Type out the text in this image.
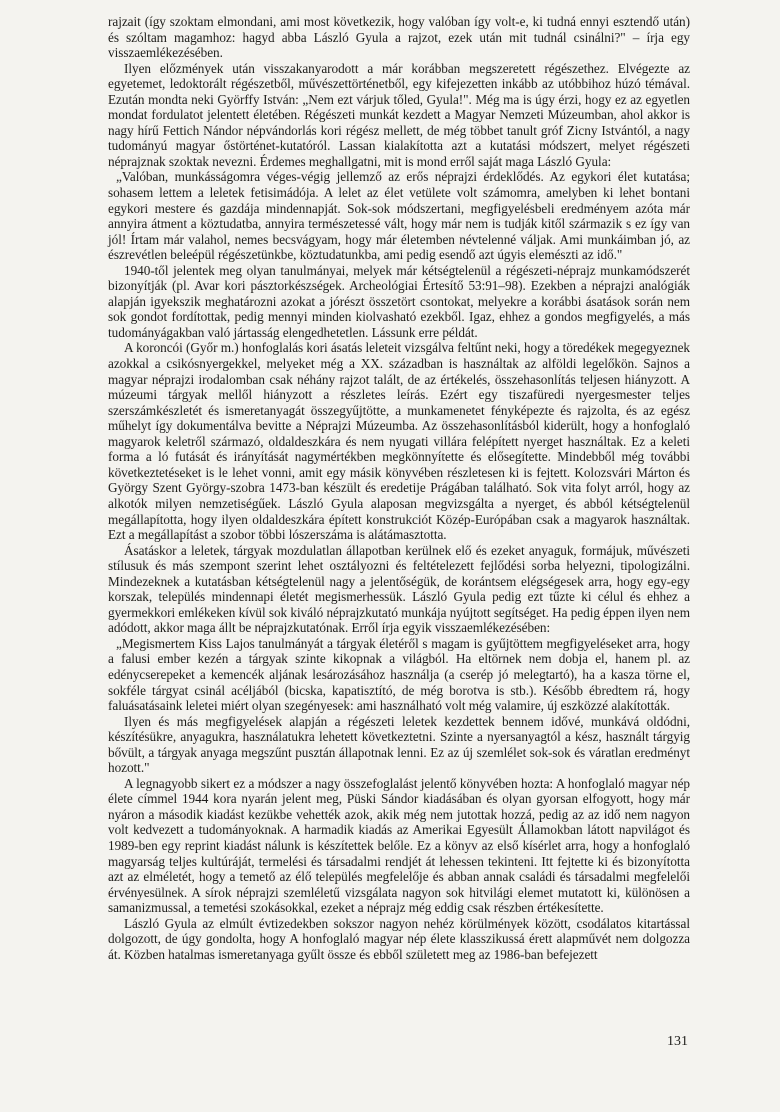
rajzait (így szoktam elmondani, ami most következik, hogy valóban így volt-e, ki tudná ennyi esztendő után) és szóltam magamhoz: hagyd abba László Gyula a rajzot, ezek után mit tudnál csinálni?" – írja egy visszaemlékezésében.

Ilyen előzmények után visszakanyarodott a már korábban megszeretett régészethez. Elvégezte az egyetemet, ledoktorált régészetből, művészettörténetből, egy kifejezetten inkább az utóbbihoz húzó témával. Ezután mondta neki Györffy István: „Nem ezt várjuk tőled, Gyula!". Még ma is úgy érzi, hogy ez az egyetlen mondat fordulatot jelentett életében. Régészeti munkát kezdett a Magyar Nemzeti Múzeumban, ahol akkor is nagy hírű Fettich Nándor népvándorlás kori régész mellett, de még többet tanult gróf Zicny Istvántól, a nagy tudományú magyar őstörténet-kutatóról. Lassan kialakította azt a kutatási módszert, melyet régészeti néprajznak szoktak nevezni. Érdemes meghallgatni, mit is mond erről saját maga László Gyula:

„Valóban, munkásságomra véges-végig jellemző az erős néprajzi érdeklődés. Az egykori élet kutatása; sohasem lettem a leletek fetisimádója. A lelet az élet vetülete volt számomra, amelyben ki lehet bontani egykori mestere és gazdája mindennapját. Sok-sok módszertani, megfigyelésbeli eredményem azóta már annyira átment a köztudatba, annyira természetessé vált, hogy már nem is tudják kitől származik s ez így van jól! Írtam már valahol, nemes becsvágyam, hogy már életemben névtelenné váljak. Ami munkáimban jó, az észrevétlen beleépül régészetünkbe, köztudatunkba, ami pedig esendő azt úgyis elemészti az idő."

1940-től jelentek meg olyan tanulmányai, melyek már kétségtelenül a régészeti-néprajz munkamódszerét bizonyítják (pl. Avar kori pásztorkészségek. Archeológiai Értesítő 53:91–98). Ezekben a néprajzi analógiák alapján igyekszik meghatározni azokat a jórészt összetört csontokat, melyekre a korábbi ásatások során nem sok gondot fordítottak, pedig mennyi minden kiolvasható ezekből. Igaz, ehhez a gondos megfigyelés, a más tudományágakban való jártasság elengedhetetlen. Lássunk erre példát.

A koroncói (Győr m.) honfoglalás kori ásatás leleteit vizsgálva feltűnt neki, hogy a töredékek megegyeznek azokkal a csikósnyergekkel, melyeket még a XX. században is használtak az alföldi legelőkön. Sajnos a magyar néprajzi irodalomban csak néhány rajzot talált, de az értékelés, összehasonlítás teljesen hiányzott. A múzeumi tárgyak mellől hiányzott a részletes leírás. Ezért egy tiszafüredi nyergesmester teljes szerszámkészletét és ismeretanyagát összegyűjtötte, a munkamenetet fényképezte és rajzolta, és az egész műhelyt így dokumentálva bevitte a Néprajzi Múzeumba. Az összehasonlításból kiderült, hogy a honfoglaló magyarok keletről származó, oldaldeszkára és nem nyugati villára felépített nyerget használtak. Ez a keleti forma a ló futását és irányítását nagymértékben megkönnyítette és elősegítette. Mindebből még további következtetéseket is le lehet vonni, amit egy másik könyvében részletesen ki is fejtett. Kolozsvári Márton és György Szent György-szobra 1473-ban készült és eredetije Prágában található. Sok vita folyt arról, hogy az alkotók milyen nemzetiségűek. László Gyula alaposan megvizsgálta a nyerget, és abból kétségtelenül megállapította, hogy ilyen oldaldeszkára épített konstrukciót Közép-Európában csak a magyarok használtak. Ezt a megállapítást a szobor többi lószerszáma is alátámasztotta.

Ásatáskor a leletek, tárgyak mozdulatlan állapotban kerülnek elő és ezeket anyaguk, formájuk, művészeti stílusuk és más szempont szerint lehet osztályozni és feltételezett fejlődési sorba helyezni, tipologizálni. Mindezeknek a kutatásban kétségtelenül nagy a jelentőségük, de korántsem elégségesek arra, hogy egy-egy korszak, település mindennapi életét megismerhessük. László Gyula pedig ezt tűzte ki célul és ehhez a gyermekkori emlékeken kívül sok kiváló néprajzkutató munkája nyújtott segítséget. Ha pedig éppen ilyen nem adódott, akkor maga állt be néprajzkutatónak. Erről írja egyik visszaemlékezésében:

„Megismertem Kiss Lajos tanulmányát a tárgyak életéről s magam is gyűjtöttem megfigyeléseket arra, hogy a falusi ember kezén a tárgyak szinte kikopnak a világból. Ha eltörnek nem dobja el, hanem pl. az edénycserepeket a kemencék aljának lesározásához használja (a cserép jó melegtartó), ha a kasza törne el, sokféle tárgyat csinál acéljából (bicska, kapatisztító, de még borotva is stb.). Később ébredtem rá, hogy faluásatásaink leletei miért olyan szegényesek: ami használható volt még valamire, új eszközzé alakították.

Ilyen és más megfigyelések alapján a régészeti leletek kezdettek bennem idővé, munkává oldódni, készítésükre, anyagukra, használatukra lehetett következtetni. Szinte a nyersanyagtól a kész, használt tárgyig bővült, a tárgyak anyaga megszűnt pusztán állapotnak lenni. Ez az új szemlélet sok-sok és váratlan eredményt hozott."

A legnagyobb sikert ez a módszer a nagy összefoglalást jelentő könyvében hozta: A honfoglaló magyar nép élete címmel 1944 kora nyarán jelent meg, Püski Sándor kiadásában és olyan gyorsan elfogyott, hogy már nyáron a második kiadást kezükbe vehették azok, akik még nem jutottak hozzá, pedig az az idő nem nagyon volt kedvezett a tudományoknak. A harmadik kiadás az Amerikai Egyesült Államokban látott napvilágot és 1989-ben egy reprint kiadást nálunk is készítettek belőle. Ez a könyv az első kísérlet arra, hogy a honfoglaló magyarság teljes kultúráját, termelési és társadalmi rendjét át lehessen tekinteni. Itt fejtette ki és bizonyította azt az elméletét, hogy a temető az élő település megfelelője és abban annak családi és társadalmi megfelelői érvényesülnek. A sírok néprajzi szemléletű vizsgálata nagyon sok hitvilági elemet mutatott ki, különösen a samanizmussal, a temetési szokásokkal, ezeket a néprajz még eddig csak részben értékesítette.

László Gyula az elmúlt évtizedekben sokszor nagyon nehéz körülmények között, csodálatos kitartással dolgozott, de úgy gondolta, hogy A honfoglaló magyar nép élete klasszikussá érett alapművét nem dolgozza át. Közben hatalmas ismeretanyaga gyűlt össze és ebből született meg az 1986-ban befejezett

131
